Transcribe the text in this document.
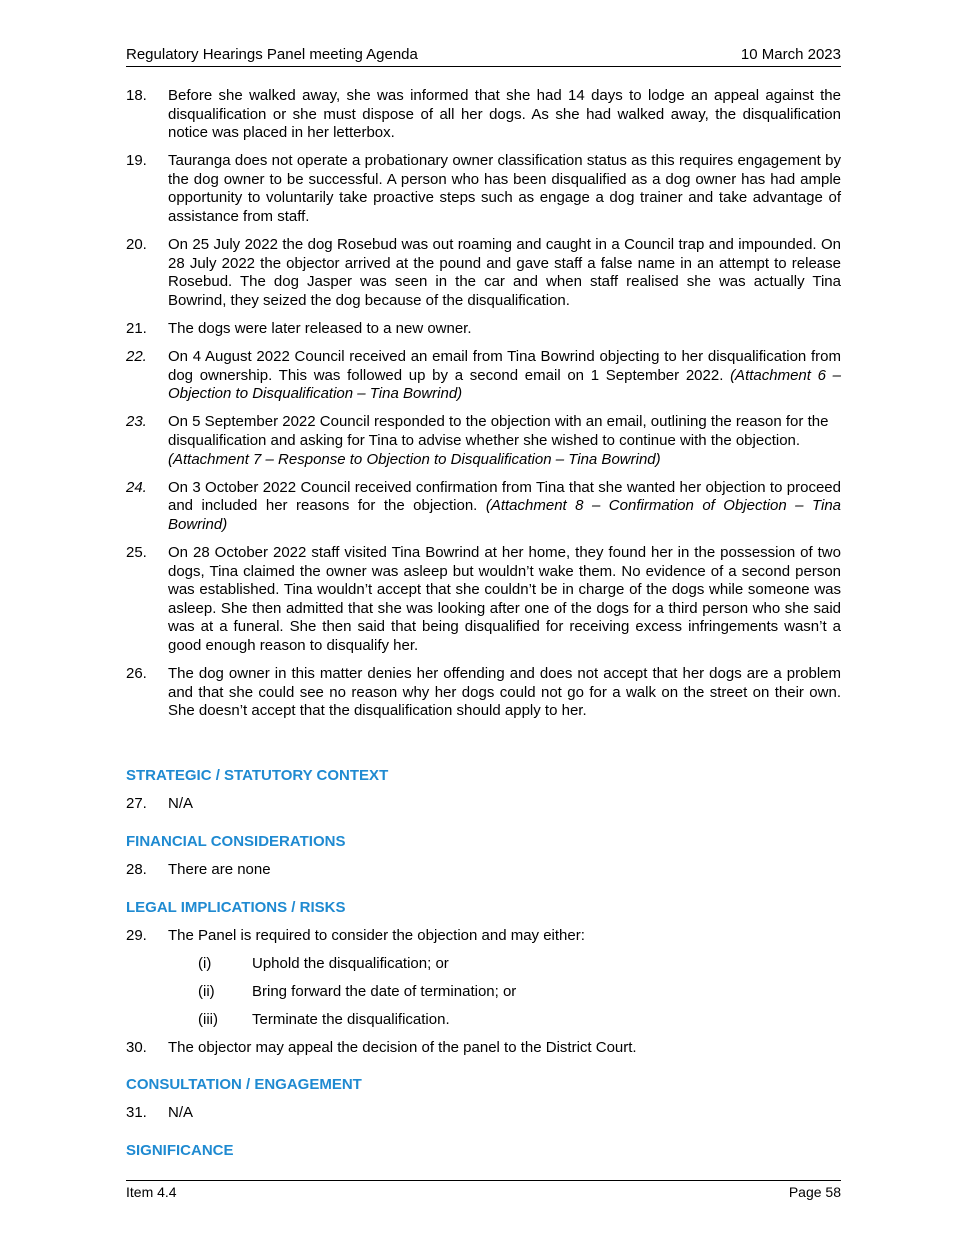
Regulatory Hearings Panel meeting Agenda	10 March 2023
18.	Before she walked away, she was informed that she had 14 days to lodge an appeal against the disqualification or she must dispose of all her dogs. As she had walked away, the disqualification notice was placed in her letterbox.
19.	Tauranga does not operate a probationary owner classification status as this requires engagement by the dog owner to be successful. A person who has been disqualified as a dog owner has had ample opportunity to voluntarily take proactive steps such as engage a dog trainer and take advantage of assistance from staff.
20.	On 25 July 2022 the dog Rosebud was out roaming and caught in a Council trap and impounded. On 28 July 2022 the objector arrived at the pound and gave staff a false name in an attempt to release Rosebud. The dog Jasper was seen in the car and when staff realised she was actually Tina Bowrind, they seized the dog because of the disqualification.
21.	The dogs were later released to a new owner.
22.	On 4 August 2022 Council received an email from Tina Bowrind objecting to her disqualification from dog ownership. This was followed up by a second email on 1 September 2022. (Attachment 6 – Objection to Disqualification – Tina Bowrind)
23.	On 5 September 2022 Council responded to the objection with an email, outlining the reason for the disqualification and asking for Tina to advise whether she wished to continue with the objection. (Attachment 7 – Response to Objection to Disqualification – Tina Bowrind)
24.	On 3 October 2022 Council received confirmation from Tina that she wanted her objection to proceed and included her reasons for the objection. (Attachment 8 – Confirmation of Objection – Tina Bowrind)
25.	On 28 October 2022 staff visited Tina Bowrind at her home, they found her in the possession of two dogs, Tina claimed the owner was asleep but wouldn’t wake them. No evidence of a second person was established. Tina wouldn’t accept that she couldn’t be in charge of the dogs while someone was asleep. She then admitted that she was looking after one of the dogs for a third person who she said was at a funeral. She then said that being disqualified for receiving excess infringements wasn’t a good enough reason to disqualify her.
26.	The dog owner in this matter denies her offending and does not accept that her dogs are a problem and that she could see no reason why her dogs could not go for a walk on the street on their own. She doesn’t accept that the disqualification should apply to her.
STRATEGIC / STATUTORY CONTEXT
27.	N/A
FINANCIAL CONSIDERATIONS
28.	There are none
LEGAL IMPLICATIONS / RISKS
29.	The Panel is required to consider the objection and may either:
(i)	Uphold the disqualification; or
(ii)	Bring forward the date of termination; or
(iii)	Terminate the disqualification.
30.	The objector may appeal the decision of the panel to the District Court.
CONSULTATION / ENGAGEMENT
31.	N/A
SIGNIFICANCE
Item 4.4	Page 58
